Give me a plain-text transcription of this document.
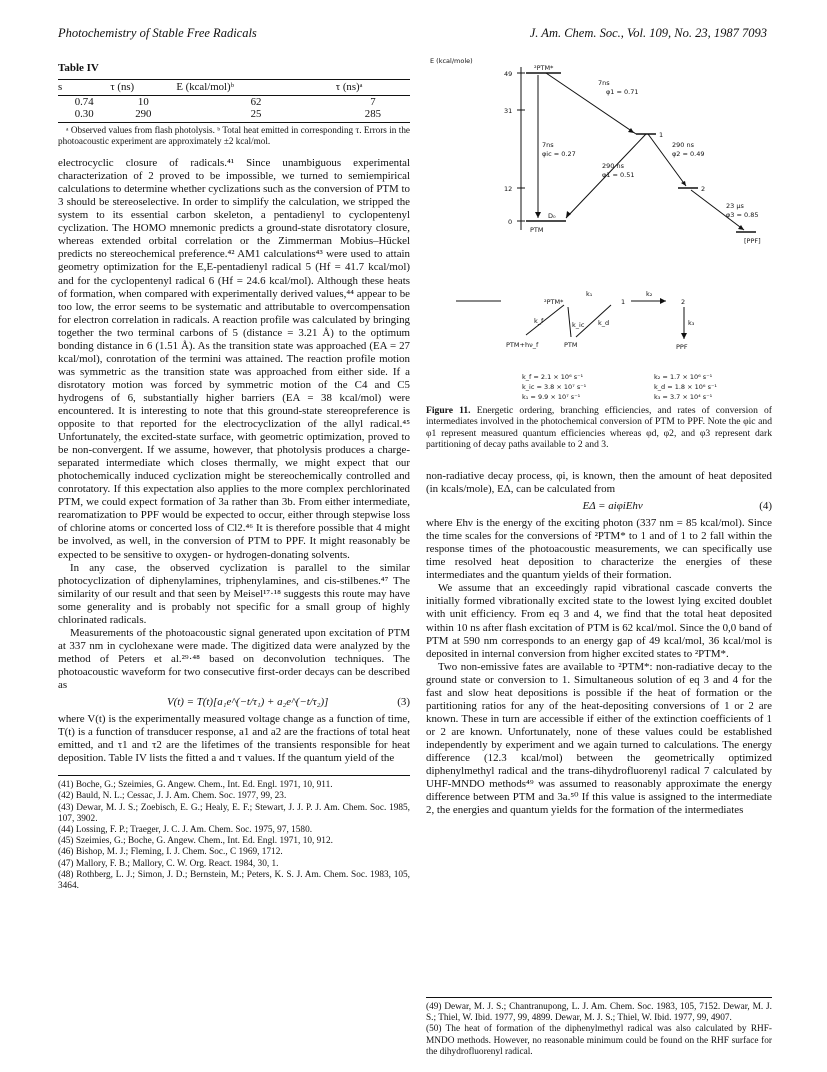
Photochemistry of Stable Free Radicals	J. Am. Chem. Soc., Vol. 109, No. 23, 1987 7093
Table IV
s	τ (ns)	E (kcal/mol)ᵇ	τ (ns)ᵃ
0.74	10	62	7
0.30	290	25	285
ᵃ Observed values from flash photolysis. ᵇ Total heat emitted in corresponding τ. Errors in the photoacoustic experiment are approximately ±2 kcal/mol.

electrocyclic closure of radicals.⁴¹ Since unambiguous experimental characterization of 2 proved to be impossible, we turned to semiempirical calculations to determine whether cyclizations such as the conversion of PTM to 3 should be stereoselective. In order to simplify the calculation, we stripped the system to its essential carbon skeleton, a pentadienyl to cyclopentenyl cyclization. The HOMO mnemonic predicts a ground-state disrotatory closure, whereas extended orbital correlation or the Zimmerman Mobius–Hückel predicts no stereochemical preference.⁴² AM1 calculations⁴³ were used to attain geometry optimization for the E,E-pentadienyl radical 5 (Hf = 41.7 kcal/mol) and for the cyclopentenyl radical 6 (Hf = 24.6 kcal/mol). Although these heats of formation, when compared with experimentally derived values,⁴⁴ appear to be too low, the error seems to be systematic and attributable to overcompensation for electron correlation in radicals. A reaction profile was calculated by bringing together the two terminal carbons of 5 (distance = 3.21 Å) to the optimum bonding distance in 6 (1.51 Å). As the transition state was approached (EA = 27 kcal/mol), conrotation of the termini was attained. The reaction profile motion was symmetric as the transition state was approached from either side. If a disrotatory motion was forced by symmetric motion of the C4 and C5 hydrogens of 6, substantially higher barriers (EA = 38 kcal/mol) were encountered. It is interesting to note that this ground-state stereopreference is opposite to that reported for the electrocyclization of the allyl radical.⁴⁵ Unfortunately, the excited-state surface, with geometric optimization, proved to be non-convergent. If we assume, however, that photolysis produces a charge-separated intermediate which closes thermally, we might expect that our photochemically induced cyclization might be stereochemically controlled and conrotatory. If this expectation also applies to the more complex perchlorinated PTM, we could expect formation of 3a rather than 3b. From either intermediate, rearomatization to PPF would be expected to occur, either through stepwise loss of chlorine atoms or concerted loss of Cl2.⁴⁶ It is therefore possible that 4 might be involved, as well, in the conversion of PTM to PPF. It might reasonably be expected to be sensitive to oxygen- or hydrogen-donating solvents.

In any case, the observed cyclization is parallel to the similar photocyclization of diphenylamines, triphenylamines, and cis-stilbenes.⁴⁷ The similarity of our result and that seen by Meisel¹⁷·¹⁸ suggests this route may have some generality and is probably not specific for a small group of highly chlorinated radicals.

Measurements of the photoacoustic signal generated upon excitation of PTM at 337 nm in cyclohexane were made. The digitized data were analyzed by the method of Peters et al.²⁹·⁴⁸ based on deconvolution techniques. The photoacoustic waveform for two consecutive first-order decays can be described as

V(t) = T(t)[a₁e^(−t/τ₁) + a₂e^(−t/τ₂)]	(3)

where V(t) is the experimentally measured voltage change as a function of time, T(t) is a function of transducer response, a1 and a2 are the fractions of total heat emitted, and τ1 and τ2 are the lifetimes of the transients responsible for heat deposition. Table IV lists the fitted a and τ values. If the quantum yield of the

(41) Boche, G.; Szeimies, G. Angew. Chem., Int. Ed. Engl. 1971, 10, 911.
(42) Bauld, N. L.; Cessac, J. J. Am. Chem. Soc. 1977, 99, 23.
(43) Dewar, M. J. S.; Zoebisch, E. G.; Healy, E. F.; Stewart, J. J. P. J. Am. Chem. Soc. 1985, 107, 3902.
(44) Lossing, F. P.; Traeger, J. C. J. Am. Chem. Soc. 1975, 97, 1580.
(45) Szeimies, G.; Boche, G. Angew. Chem., Int. Ed. Engl. 1971, 10, 912.
(46) Bishop, M. J.; Fleming, I. J. Chem. Soc., C 1969, 1712.
(47) Mallory, F. B.; Mallory, C. W. Org. React. 1984, 30, 1.
(48) Rothberg, L. J.; Simon, J. D.; Bernstein, M.; Peters, K. S. J. Am. Chem. Soc. 1983, 105, 3464.
E (kcal/mole)
49
31
12
0
²PTM*
1
2
D₀
PTM
[PPF]
7ns
φ1 = 0.71
7ns
φic = 0.27
290 ns
φ1 = 0.51
290 ns
φ2 = 0.49
23 μs
φ3 = 0.85
²PTM*
k₁
1
k₂
2
k_f	k_ic k_d	k₃
PTM+hν_f	PTM	PPF
k_f = 2.1 × 10⁶ s⁻¹
k_ic = 3.8 × 10⁷ s⁻¹
k₁ = 9.9 × 10⁷ s⁻¹
k₂ = 1.7 × 10⁶ s⁻¹
k_d = 1.8 × 10⁶ s⁻¹
k₃ = 3.7 × 10⁴ s⁻¹
Figure 11. Energetic ordering, branching efficiencies, and rates of conversion of intermediates involved in the photochemical conversion of PTM to PPF. Note the φic and φ1 represent measured quantum efficiencies whereas φd, φ2, and φ3 represent dark partitioning of decay paths available to 2 and 3.

non-radiative decay process, φi, is known, then the amount of heat deposited (in kcals/mole), EΔ, can be calculated from

EΔ = aiφiEhν	(4)

where Ehν is the energy of the exciting photon (337 nm = 85 kcal/mol). Since the time scales for the conversions of ²PTM* to 1 and of 1 to 2 fall within the response times of the photoacoustic measurements, we can specifically use time resolved heat deposition to characterize the energies of these intermediates and the quantum yields of their formation.

We assume that an exceedingly rapid vibrational cascade converts the initially formed vibrationally excited state to the lowest lying excited doublet with unit efficiency. From eq 3 and 4, we find that the total heat deposited within 10 ns after flash excitation of PTM is 62 kcal/mol. Since the 0,0 band of PTM at 590 nm corresponds to an energy gap of 49 kcal/mol, 36 kcal/mol is deposited in internal conversion from higher excited states to ²PTM*.

Two non-emissive fates are available to ²PTM*: non-radiative decay to the ground state or conversion to 1. Simultaneous solution of eq 3 and 4 for the fast and slow heat depositions is possible if the heat of formation or the partitioning ratios for any of the heat-depositing conversions of 1 or 2 are known. These in turn are accessible if either of the extinction coefficients of 1 or 2 are known. Unfortunately, none of these values could be established independently by experiment and we again turned to calculations. The energy difference (12.3 kcal/mol) between the geometrically optimized diphenylmethyl radical and the trans-dihydrofluorenyl radical 7 calculated by UHF-MNDO methods⁴⁹ was assumed to reasonably approximate the energy difference between PTM and 3a.⁵⁰ If this value is assigned to the intermediate 2, the energies and quantum yields for the formation of the intermediates

(49) Dewar, M. J. S.; Chantranupong, L. J. Am. Chem. Soc. 1983, 105, 7152. Dewar, M. J. S.; Thiel, W. Ibid. 1977, 99, 4899. Dewar, M. J. S.; Thiel, W. Ibid. 1977, 99, 4907.
(50) The heat of formation of the diphenylmethyl radical was also calculated by RHF-MNDO methods. However, no reasonable minimum could be found on the RHF surface for the dihydrofluorenyl radical.
